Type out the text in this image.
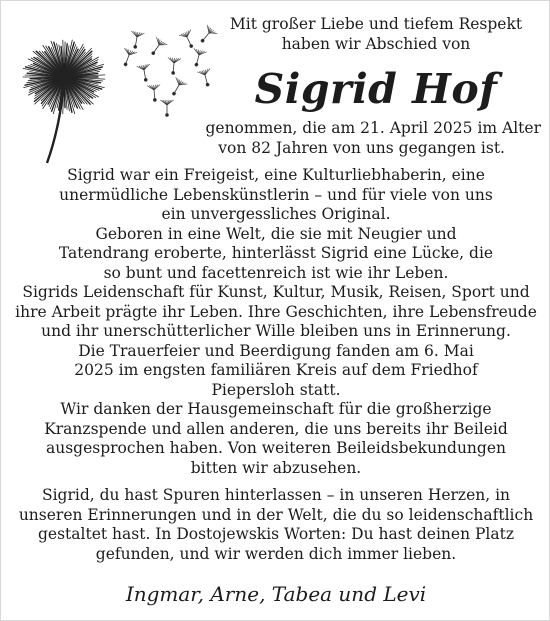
Mit großer Liebe und tiefem Respekt
haben wir Abschied von
Sigrid Hof
genommen, die am 21. April 2025 im Alter
von 82 Jahren von uns gegangen ist.

Sigrid war ein Freigeist, eine Kulturliebhaberin, eine unermüdliche Lebenskünstlerin – und für viele von uns ein unvergessliches Original.

Geboren in eine Welt, die sie mit Neugier und Tatendrang eroberte, hinterlässt Sigrid eine Lücke, die so bunt und facettenreich ist wie ihr Leben.

Sigrids Leidenschaft für Kunst, Kultur, Musik, Reisen, Sport und ihre Arbeit prägte ihr Leben. Ihre Geschichten, ihre Lebensfreude und ihr unerschütterlicher Wille bleiben uns in Erinnerung.

Die Trauerfeier und Beerdigung fanden am 6. Mai 2025 im engsten familiären Kreis auf dem Friedhof Piepersloh statt.

Wir danken der Hausgemeinschaft für die großherzige Kranzspende und allen anderen, die uns bereits ihr Beileid ausgesprochen haben. Von weiteren Beileidsbekundungen bitten wir abzusehen.

Sigrid, du hast Spuren hinterlassen – in unseren Herzen, in unseren Erinnerungen und in der Welt, die du so leidenschaftlich gestaltet hast. In Dostojewskis Worten: Du hast deinen Platz gefunden, und wir werden dich immer lieben.

Ingmar, Arne, Tabea und Levi
